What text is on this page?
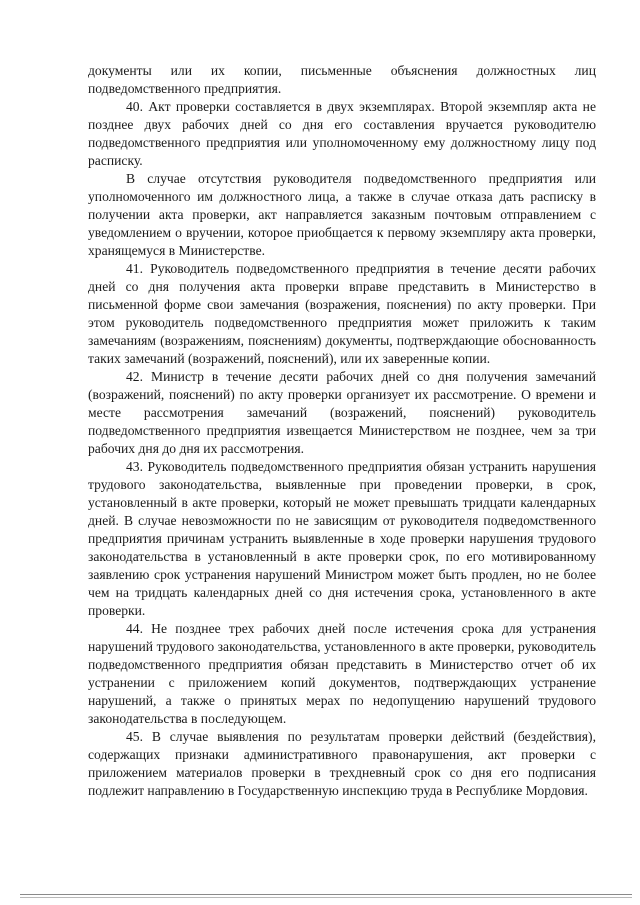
документы или их копии, письменные объяснения должностных лиц подведомственного предприятия.

40. Акт проверки составляется в двух экземплярах. Второй экземпляр акта не позднее двух рабочих дней со дня его составления вручается руководителю подведомственного предприятия или уполномоченному ему должностному лицу под расписку.

В случае отсутствия руководителя подведомственного предприятия или уполномоченного им должностного лица, а также в случае отказа дать расписку в получении акта проверки, акт направляется заказным почтовым отправлением с уведомлением о вручении, которое приобщается к первому экземпляру акта проверки, хранящемуся в Министерстве.

41. Руководитель подведомственного предприятия в течение десяти рабочих дней со дня получения акта проверки вправе представить в Министерство в письменной форме свои замечания (возражения, пояснения) по акту проверки. При этом руководитель подведомственного предприятия может приложить к таким замечаниям (возражениям, пояснениям) документы, подтверждающие обоснованность таких замечаний (возражений, пояснений), или их заверенные копии.

42. Министр в течение десяти рабочих дней со дня получения замечаний (возражений, пояснений) по акту проверки организует их рассмотрение. О времени и месте рассмотрения замечаний (возражений, пояснений) руководитель подведомственного предприятия извещается Министерством не позднее, чем за три рабочих дня до дня их рассмотрения.

43. Руководитель подведомственного предприятия обязан устранить нарушения трудового законодательства, выявленные при проведении проверки, в срок, установленный в акте проверки, который не может превышать тридцати календарных дней. В случае невозможности по не зависящим от руководителя подведомственного предприятия причинам устранить выявленные в ходе проверки нарушения трудового законодательства в установленный в акте проверки срок, по его мотивированному заявлению срок устранения нарушений Министром может быть продлен, но не более чем на тридцать календарных дней со дня истечения срока, установленного в акте проверки.

44. Не позднее трех рабочих дней после истечения срока для устранения нарушений трудового законодательства, установленного в акте проверки, руководитель подведомственного предприятия обязан представить в Министерство отчет об их устранении с приложением копий документов, подтверждающих устранение нарушений, а также о принятых мерах по недопущению нарушений трудового законодательства в последующем.

45. В случае выявления по результатам проверки действий (бездействия), содержащих признаки административного правонарушения, акт проверки с приложением материалов проверки в трехдневный срок со дня его подписания подлежит направлению в Государственную инспекцию труда в Республике Мордовия.
